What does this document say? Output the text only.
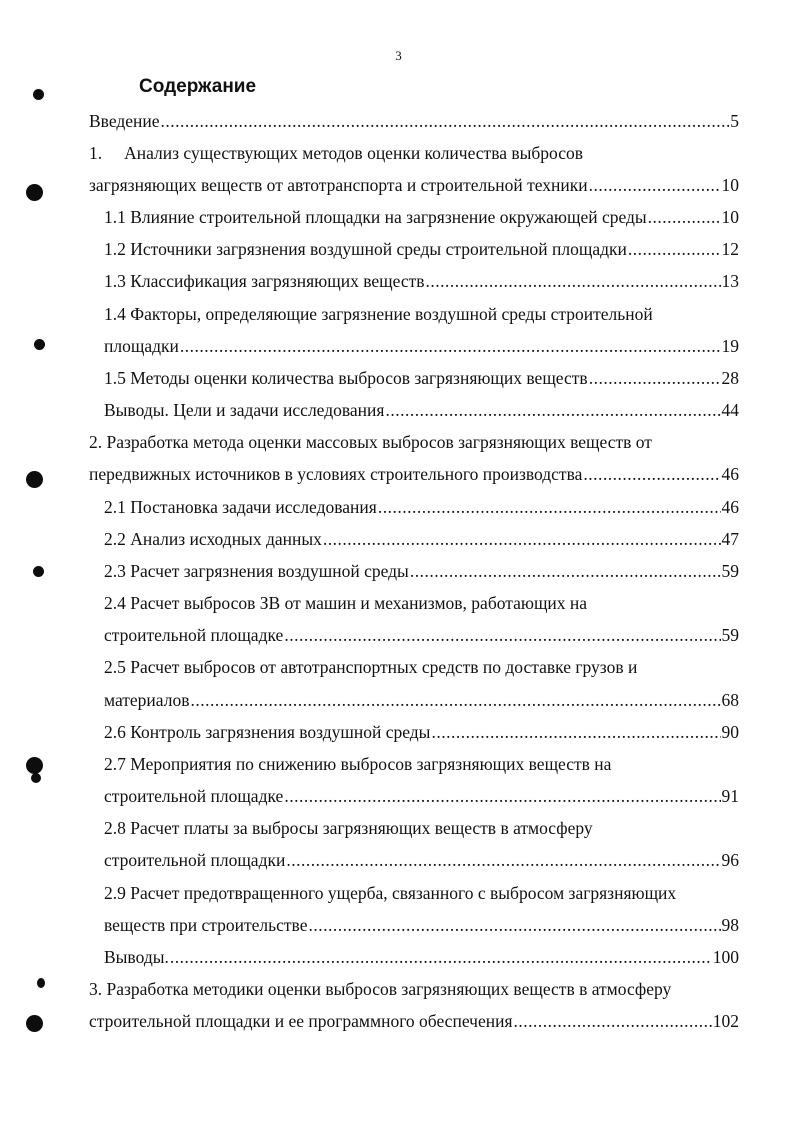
3
Содержание
Введение .....	5
1. Анализ существующих методов оценки количества выбросов
загрязняющих веществ от автотранспорта и строительной техники .....	10
1.1 Влияние строительной площадки на загрязнение окружающей среды .....	10
1.2 Источники загрязнения воздушной среды строительной площадки .....	12
1.3 Классификация загрязняющих веществ .....	13
1.4 Факторы, определяющие загрязнение воздушной среды строительной
площадки .....	19
1.5 Методы оценки количества выбросов загрязняющих веществ .....	28
Выводы. Цели и задачи исследования .....	44
2. Разработка метода оценки массовых выбросов загрязняющих веществ от
передвижных источников в условиях строительного производства .....	46
2.1 Постановка задачи исследования .....	46
2.2 Анализ исходных данных .....	47
2.3 Расчет загрязнения воздушной среды .....	59
2.4 Расчет выбросов ЗВ от машин и механизмов, работающих на
строительной площадке .....	59
2.5 Расчет выбросов от автотранспортных средств по доставке грузов и
материалов .....	68
2.6 Контроль загрязнения воздушной среды .....	90
2.7 Мероприятия по снижению выбросов загрязняющих веществ на
строительной площадке .....	91
2.8 Расчет платы за выбросы загрязняющих веществ в атмосферу
строительной площадки .....	96
2.9 Расчет предотвращенного ущерба, связанного с выбросом загрязняющих
веществ при строительстве .....	98
Выводы. .....	100
3. Разработка методики оценки выбросов загрязняющих веществ в атмосферу
строительной площадки и ее программного обеспечения .....	102
